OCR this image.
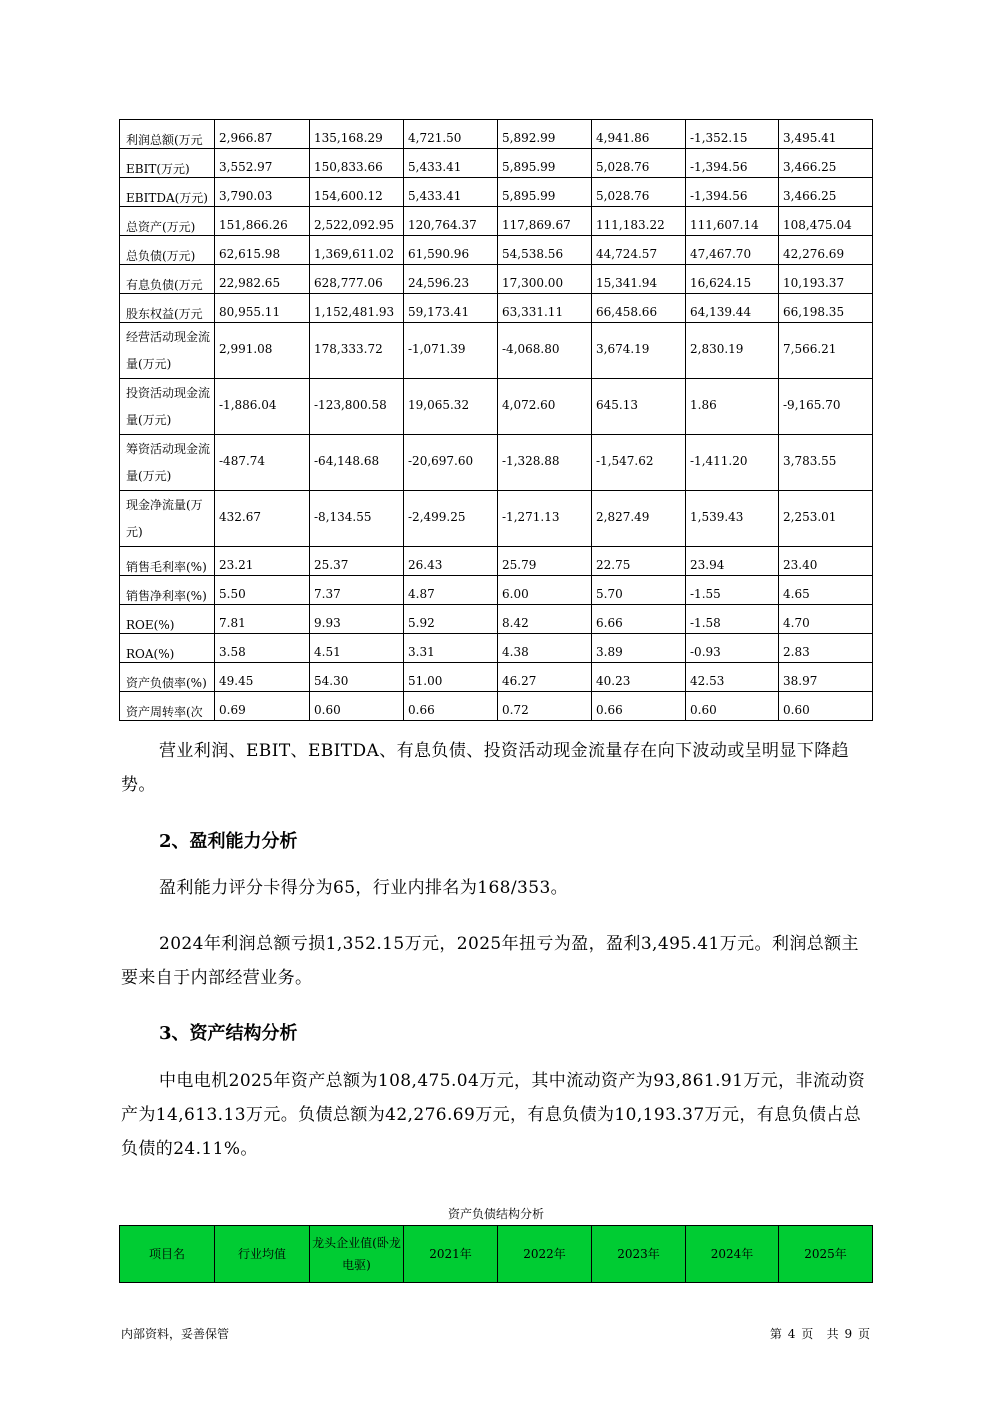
利润总额(万元	2,966.87	135,168.29	4,721.50	5,892.99	4,941.86	-1,352.15	3,495.41
EBIT(万元)	3,552.97	150,833.66	5,433.41	5,895.99	5,028.76	-1,394.56	3,466.25
EBITDA(万元)	3,790.03	154,600.12	5,433.41	5,895.99	5,028.76	-1,394.56	3,466.25
总资产(万元)	151,866.26	2,522,092.95	120,764.37	117,869.67	111,183.22	111,607.14	108,475.04
总负债(万元)	62,615.98	1,369,611.02	61,590.96	54,538.56	44,724.57	47,467.70	42,276.69
有息负债(万元	22,982.65	628,777.06	24,596.23	17,300.00	15,341.94	16,624.15	10,193.37
股东权益(万元	80,955.11	1,152,481.93	59,173.41	63,331.11	66,458.66	64,139.44	66,198.35
经营活动现金流量(万元)	2,991.08	178,333.72	-1,071.39	-4,068.80	3,674.19	2,830.19	7,566.21
投资活动现金流量(万元)	-1,886.04	-123,800.58	19,065.32	4,072.60	645.13	1.86	-9,165.70
筹资活动现金流量(万元)	-487.74	-64,148.68	-20,697.60	-1,328.88	-1,547.62	-1,411.20	3,783.55
现金净流量(万元)	432.67	-8,134.55	-2,499.25	-1,271.13	2,827.49	1,539.43	2,253.01
销售毛利率(%)	23.21	25.37	26.43	25.79	22.75	23.94	23.40
销售净利率(%)	5.50	7.37	4.87	6.00	5.70	-1.55	4.65
ROE(%)	7.81	9.93	5.92	8.42	6.66	-1.58	4.70
ROA(%)	3.58	4.51	3.31	4.38	3.89	-0.93	2.83
资产负债率(%)	49.45	54.30	51.00	46.27	40.23	42.53	38.97
资产周转率(次	0.69	0.60	0.66	0.72	0.66	0.60	0.60
营业利润、EBIT、EBITDA、有息负债、投资活动现金流量存在向下波动或呈明显下降趋势。
2、盈利能力分析
盈利能力评分卡得分为65，行业内排名为168/353。
2024年利润总额亏损1,352.15万元，2025年扭亏为盈，盈利3,495.41万元。利润总额主要来自于内部经营业务。
3、资产结构分析
中电电机2025年资产总额为108,475.04万元，其中流动资产为93,861.91万元，非流动资产为14,613.13万元。负债总额为42,276.69万元，有息负债为10,193.37万元，有息负债占总负债的24.11%。
资产负债结构分析
项目名	行业均值	龙头企业值(卧龙电驱)	2021年	2022年	2023年	2024年	2025年
内部资料，妥善保管	第 4 页 共 9 页
